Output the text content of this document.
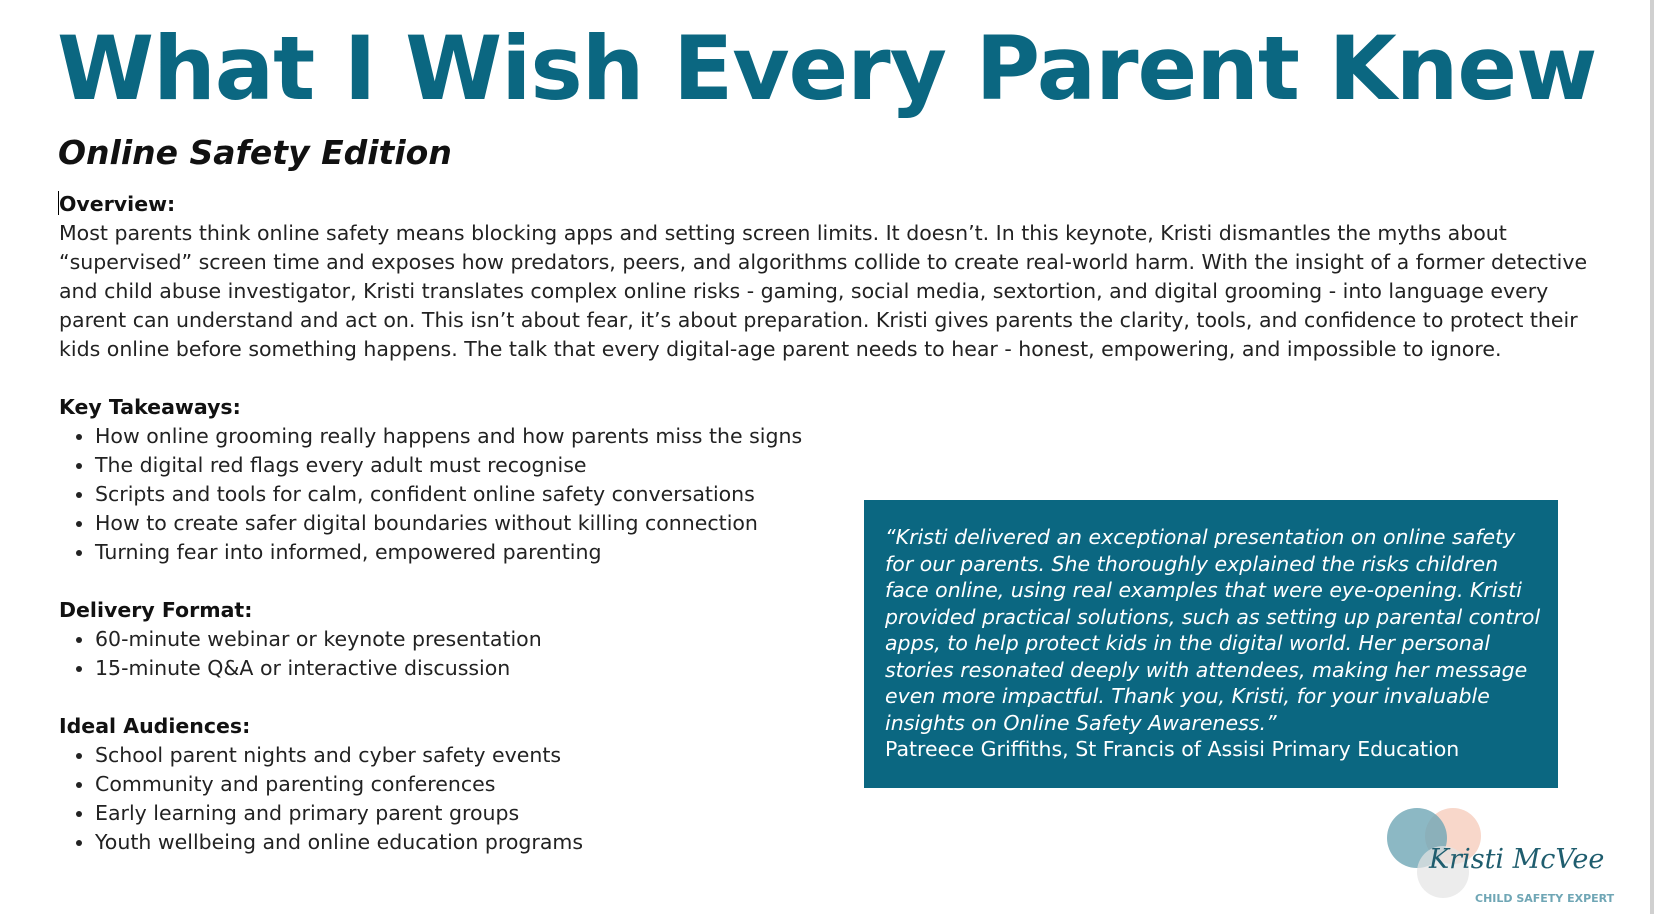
What I Wish Every Parent Knew
Online Safety Edition
Overview:

Most parents think online safety means blocking apps and setting screen limits. It doesn’t. In this keynote, Kristi dismantles the myths about “supervised” screen time and exposes how predators, peers, and algorithms collide to create real-world harm. With the insight of a former detective and child abuse investigator, Kristi translates complex online risks - gaming, social media, sextortion, and digital grooming - into language every parent can understand and act on. This isn’t about fear, it’s about preparation. Kristi gives parents the clarity, tools, and confidence to protect their kids online before something happens. The talk that every digital-age parent needs to hear - honest, empowering, and impossible to ignore.

Key Takeaways:
• How online grooming really happens and how parents miss the signs
• The digital red flags every adult must recognise
• Scripts and tools for calm, confident online safety conversations
• How to create safer digital boundaries without killing connection
• Turning fear into informed, empowered parenting
Delivery Format:
• 60-minute webinar or keynote presentation
• 15-minute Q&A or interactive discussion
Ideal Audiences:
• School parent nights and cyber safety events
• Community and parenting conferences
• Early learning and primary parent groups
• Youth wellbeing and online education programs
“Kristi delivered an exceptional presentation on online safety for our parents. She thoroughly explained the risks children face online, using real examples that were eye-opening. Kristi provided practical solutions, such as setting up parental control apps, to help protect kids in the digital world. Her personal stories resonated deeply with attendees, making her message even more impactful. Thank you, Kristi, for your invaluable insights on Online Safety Awareness.”
Patreece Griffiths, St Francis of Assisi Primary Education
Kristi McVee
CHILD SAFETY EXPERT
